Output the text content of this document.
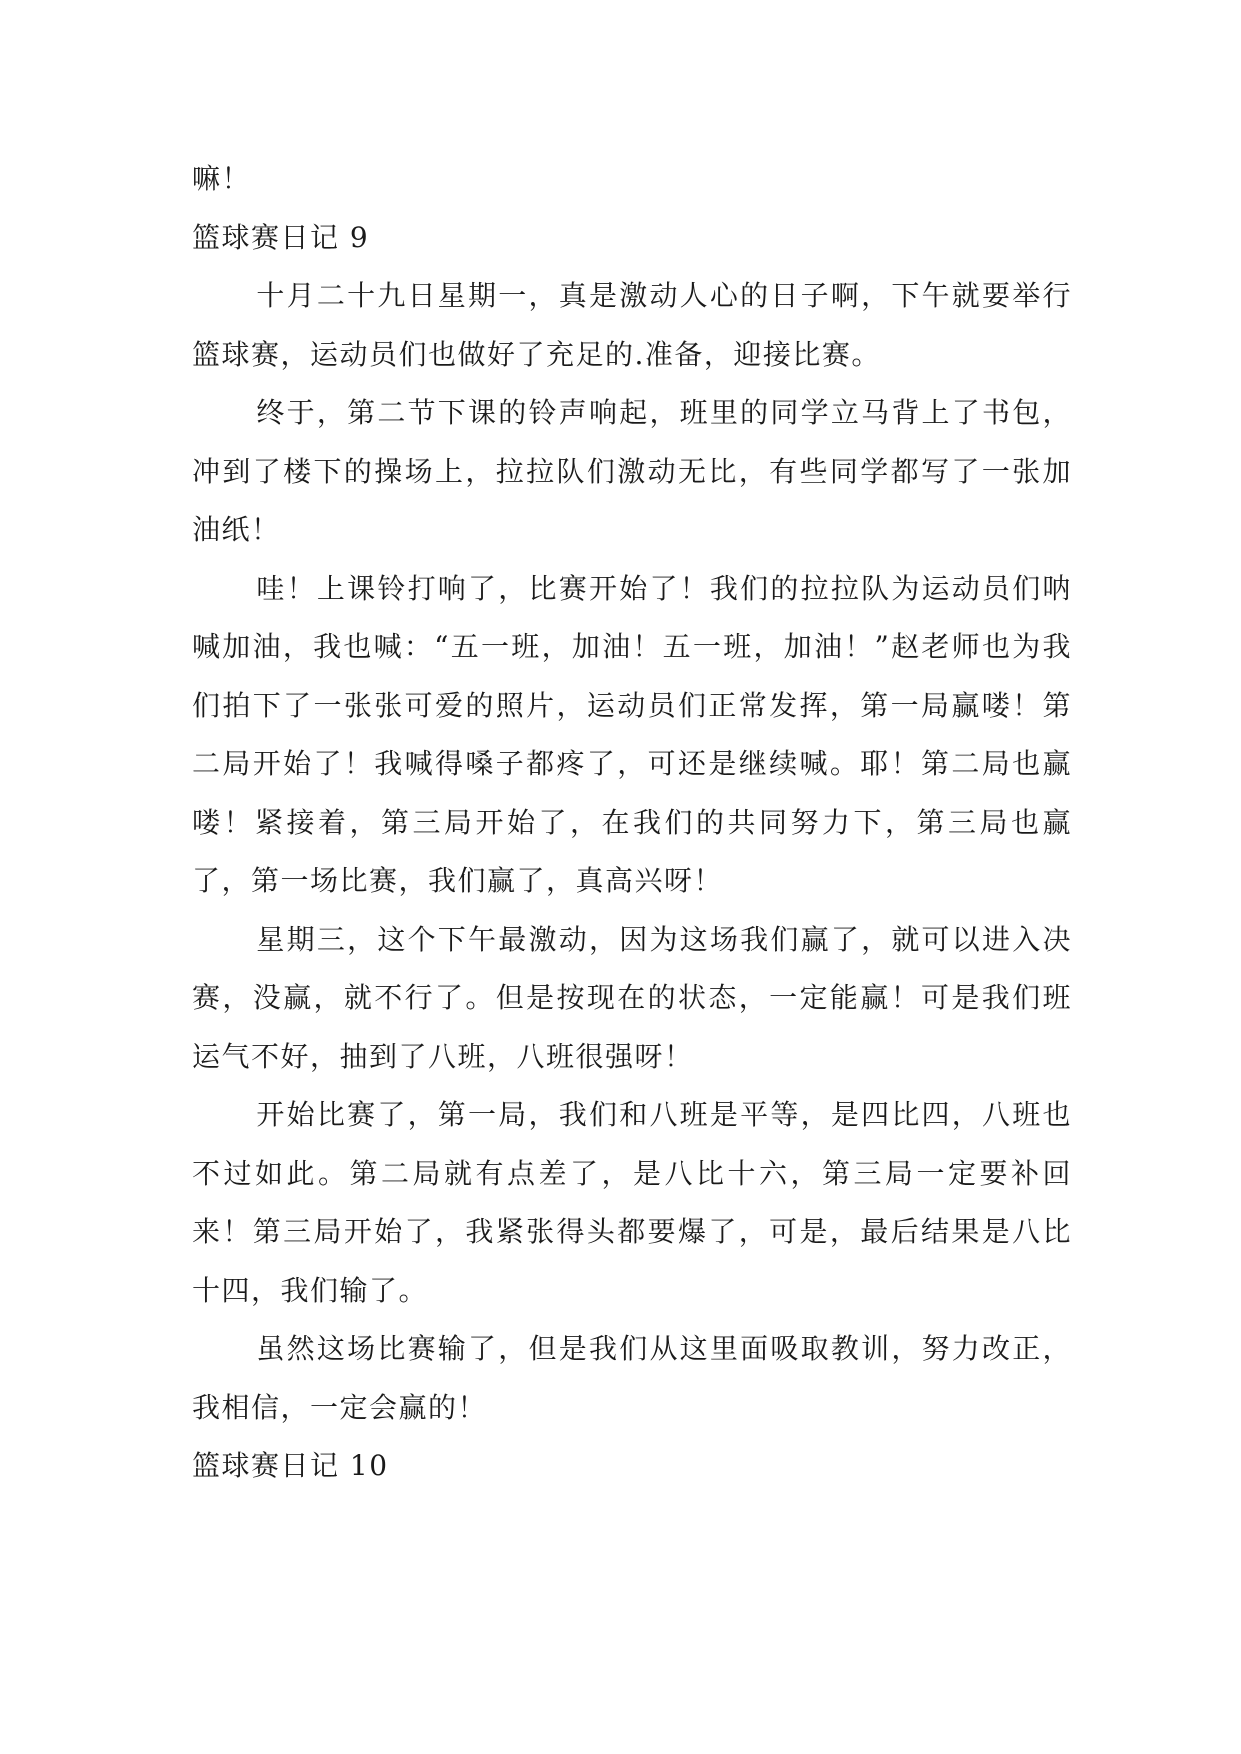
嘛！

篮球赛日记 9

十月二十九日星期一，真是激动人心的日子啊，下午就要举行篮球赛，运动员们也做好了充足的.准备，迎接比赛。

终于，第二节下课的铃声响起，班里的同学立马背上了书包，冲到了楼下的操场上，拉拉队们激动无比，有些同学都写了一张加油纸！

哇！上课铃打响了，比赛开始了！我们的拉拉队为运动员们呐喊加油，我也喊：“五一班，加油！五一班，加油！”赵老师也为我们拍下了一张张可爱的照片，运动员们正常发挥，第一局赢喽！第二局开始了！我喊得嗓子都疼了，可还是继续喊。耶！第二局也赢喽！紧接着，第三局开始了，在我们的共同努力下，第三局也赢了，第一场比赛，我们赢了，真高兴呀！

星期三，这个下午最激动，因为这场我们赢了，就可以进入决赛，没赢，就不行了。但是按现在的状态，一定能赢！可是我们班运气不好，抽到了八班，八班很强呀！

开始比赛了，第一局，我们和八班是平等，是四比四，八班也不过如此。第二局就有点差了，是八比十六，第三局一定要补回来！第三局开始了，我紧张得头都要爆了，可是，最后结果是八比十四，我们输了。

虽然这场比赛输了，但是我们从这里面吸取教训，努力改正，我相信，一定会赢的！

篮球赛日记 10
